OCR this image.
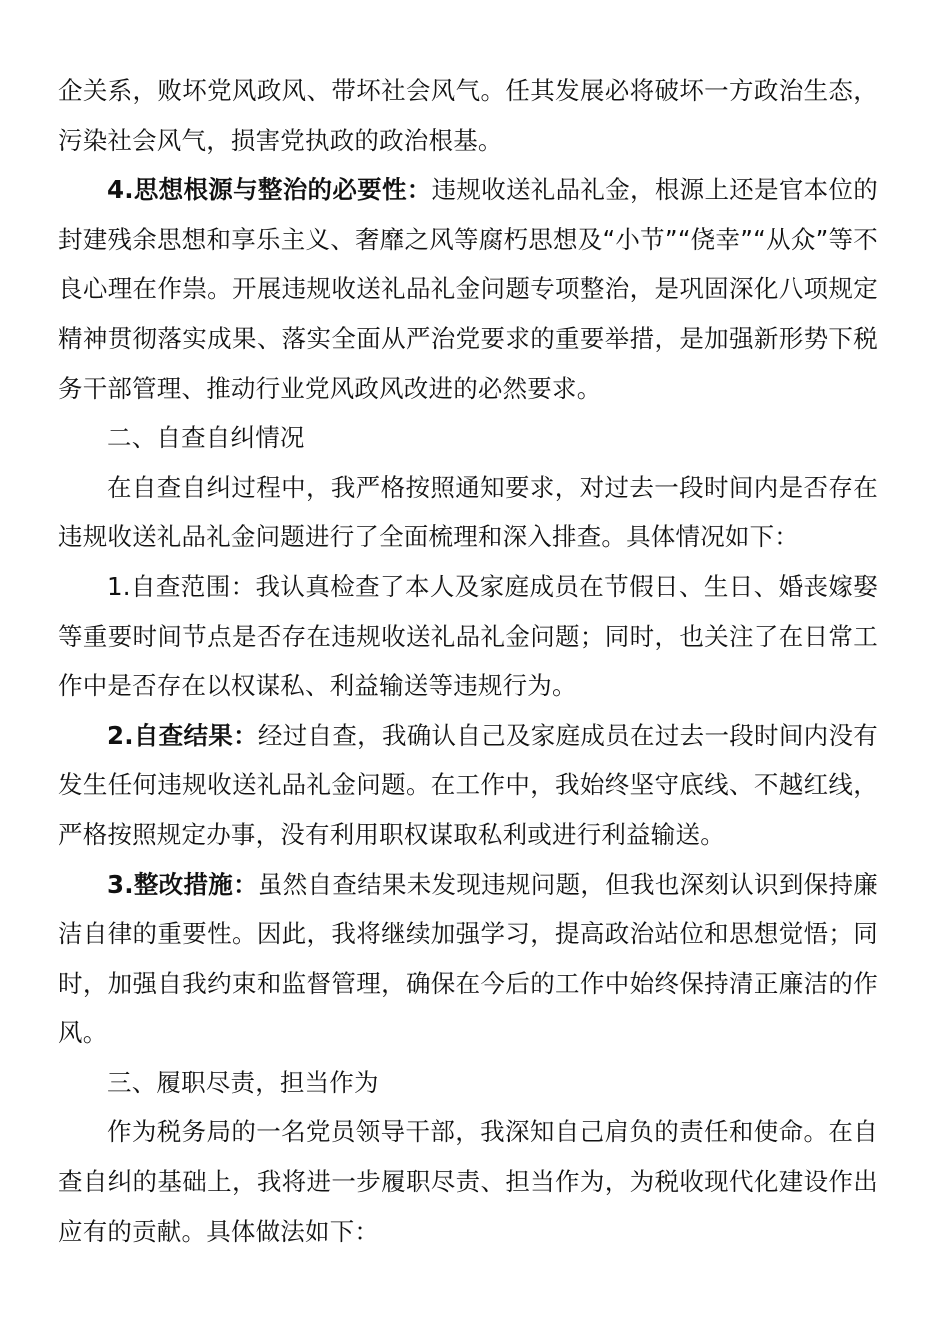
企关系，败坏党风政风、带坏社会风气。任其发展必将破坏一方政治生态，污染社会风气，损害党执政的政治根基。

4.思想根源与整治的必要性：违规收送礼品礼金，根源上还是官本位的封建残余思想和享乐主义、奢靡之风等腐朽思想及“小节”“侥幸”“从众”等不良心理在作祟。开展违规收送礼品礼金问题专项整治，是巩固深化八项规定精神贯彻落实成果、落实全面从严治党要求的重要举措，是加强新形势下税务干部管理、推动行业党风政风改进的必然要求。

二、自查自纠情况

在自查自纠过程中，我严格按照通知要求，对过去一段时间内是否存在违规收送礼品礼金问题进行了全面梳理和深入排查。具体情况如下：

1.自查范围：我认真检查了本人及家庭成员在节假日、生日、婚丧嫁娶等重要时间节点是否存在违规收送礼品礼金问题；同时，也关注了在日常工作中是否存在以权谋私、利益输送等违规行为。

2.自查结果：经过自查，我确认自己及家庭成员在过去一段时间内没有发生任何违规收送礼品礼金问题。在工作中，我始终坚守底线、不越红线，严格按照规定办事，没有利用职权谋取私利或进行利益输送。

3.整改措施：虽然自查结果未发现违规问题，但我也深刻认识到保持廉洁自律的重要性。因此，我将继续加强学习，提高政治站位和思想觉悟；同时，加强自我约束和监督管理，确保在今后的工作中始终保持清正廉洁的作风。

三、履职尽责，担当作为

作为税务局的一名党员领导干部，我深知自己肩负的责任和使命。在自查自纠的基础上，我将进一步履职尽责、担当作为，为税收现代化建设作出应有的贡献。具体做法如下：
